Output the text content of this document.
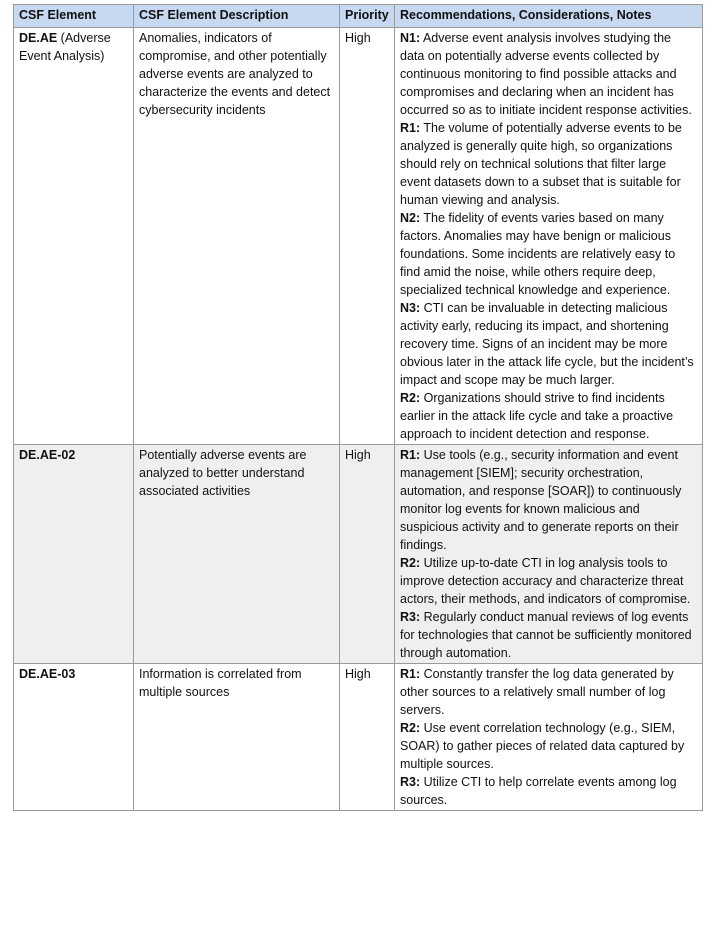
CSF Element	CSF Element Description	Priority	Recommendations, Considerations, Notes
DE.AE (Adverse Event Analysis)	Anomalies, indicators of compromise, and other potentially adverse events are analyzed to characterize the events and detect cybersecurity incidents	High	N1: Adverse event analysis involves studying the data on potentially adverse events collected by continuous monitoring to find possible attacks and compromises and declaring when an incident has occurred so as to initiate incident response activities.
R1: The volume of potentially adverse events to be analyzed is generally quite high, so organizations should rely on technical solutions that filter large event datasets down to a subset that is suitable for human viewing and analysis.
N2: The fidelity of events varies based on many factors. Anomalies may have benign or malicious foundations. Some incidents are relatively easy to find amid the noise, while others require deep, specialized technical knowledge and experience.
N3: CTI can be invaluable in detecting malicious activity early, reducing its impact, and shortening recovery time. Signs of an incident may be more obvious later in the attack life cycle, but the incident’s impact and scope may be much larger.
R2: Organizations should strive to find incidents earlier in the attack life cycle and take a proactive approach to incident detection and response.

DE.AE-02	Potentially adverse events are analyzed to better understand associated activities	High	R1: Use tools (e.g., security information and event management [SIEM]; security orchestration, automation, and response [SOAR]) to continuously monitor log events for known malicious and suspicious activity and to generate reports on their findings.
R2: Utilize up-to-date CTI in log analysis tools to improve detection accuracy and characterize threat actors, their methods, and indicators of compromise.
R3: Regularly conduct manual reviews of log events for technologies that cannot be sufficiently monitored through automation.

DE.AE-03	Information is correlated from multiple sources	High	R1: Constantly transfer the log data generated by other sources to a relatively small number of log servers.
R2: Use event correlation technology (e.g., SIEM, SOAR) to gather pieces of related data captured by multiple sources.
R3: Utilize CTI to help correlate events among log sources.
